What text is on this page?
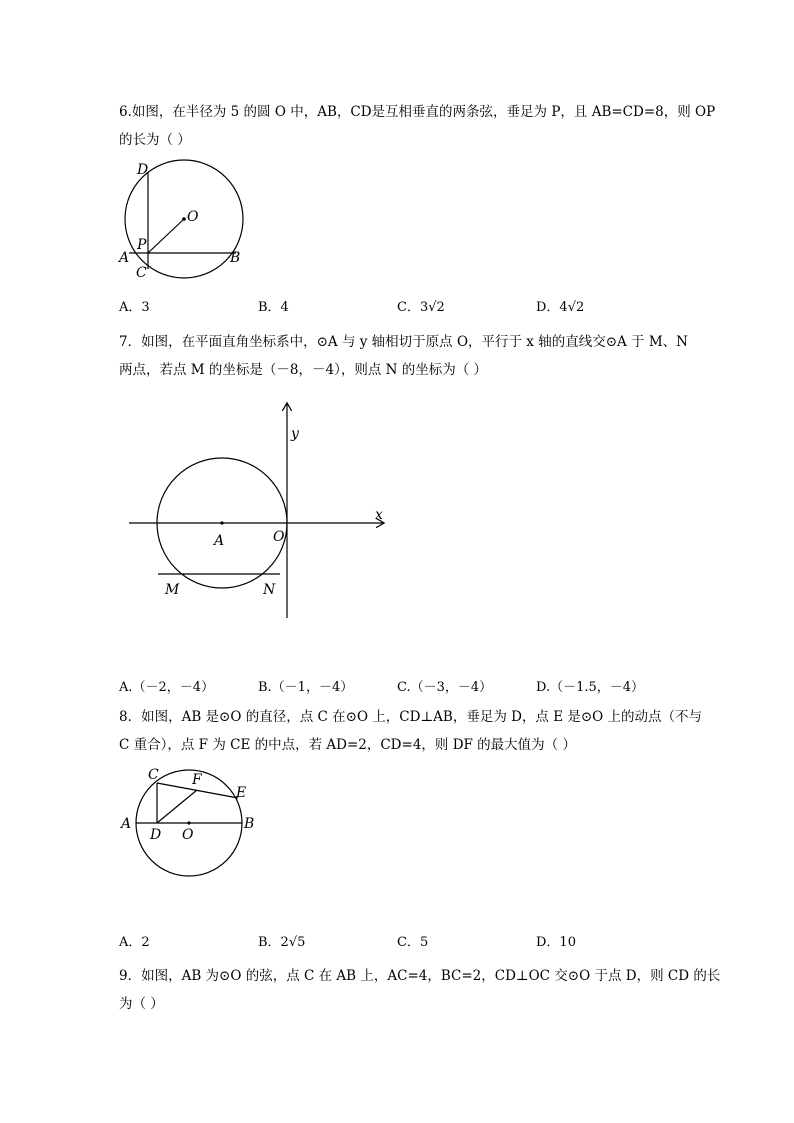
6.如图，在半径为 5 的圆 O 中，AB，CD是互相垂直的两条弦，垂足为 P，且 AB=CD=8，则 OP
的长为（ ）
D
O
P
A
C
B
A．3	B．4	C．3√2	D．4√2
7．如图，在平面直角坐标系中，⊙A 与 y 轴相切于原点 O，平行于 x 轴的直线交⊙A 于 M、N
两点，若点 M 的坐标是（－8，－4），则点 N 的坐标为（ ）
y
x
A	O
M	N
A.（－2，－4）	B.（－1，－4）	C.（－3，－4）	D.（－1.5，－4）
8．如图，AB 是⊙O 的直径，点 C 在⊙O 上，CD⊥AB，垂足为 D，点 E 是⊙O 上的动点（不与
C 重合），点 F 为 CE 的中点，若 AD=2，CD=4，则 DF 的最大值为（ ）
C F
E
A
D O
B
A．2	B．2√5	C．5	D．10
9．如图，AB 为⊙O 的弦，点 C 在 AB 上，AC=4，BC=2，CD⊥OC 交⊙O 于点 D，则 CD 的长
为（ ）
